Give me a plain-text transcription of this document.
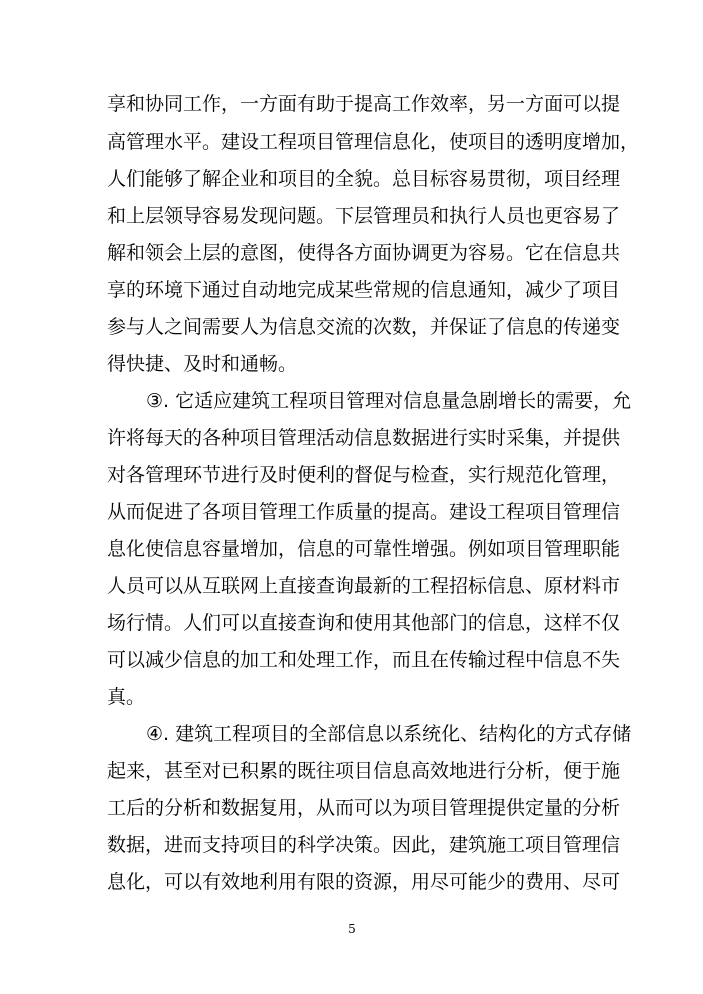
享和协同工作，一方面有助于提高工作效率，另一方面可以提
高管理水平。建设工程项目管理信息化，使项目的透明度增加，
人们能够了解企业和项目的全貌。总目标容易贯彻，项目经理
和上层领导容易发现问题。下层管理员和执行人员也更容易了
解和领会上层的意图，使得各方面协调更为容易。它在信息共
享的环境下通过自动地完成某些常规的信息通知，减少了项目
参与人之间需要人为信息交流的次数，并保证了信息的传递变
得快捷、及时和通畅。
③. 它适应建筑工程项目管理对信息量急剧增长的需要，允
许将每天的各种项目管理活动信息数据进行实时采集，并提供
对各管理环节进行及时便利的督促与检查，实行规范化管理，
从而促进了各项目管理工作质量的提高。建设工程项目管理信
息化使信息容量增加，信息的可靠性增强。例如项目管理职能
人员可以从互联网上直接查询最新的工程招标信息、原材料市
场行情。人们可以直接查询和使用其他部门的信息，这样不仅
可以减少信息的加工和处理工作，而且在传输过程中信息不失
真。
④. 建筑工程项目的全部信息以系统化、结构化的方式存储
起来，甚至对已积累的既往项目信息高效地进行分析，便于施
工后的分析和数据复用，从而可以为项目管理提供定量的分析
数据，进而支持项目的科学决策。因此，建筑施工项目管理信
息化，可以有效地利用有限的资源，用尽可能少的费用、尽可
5
